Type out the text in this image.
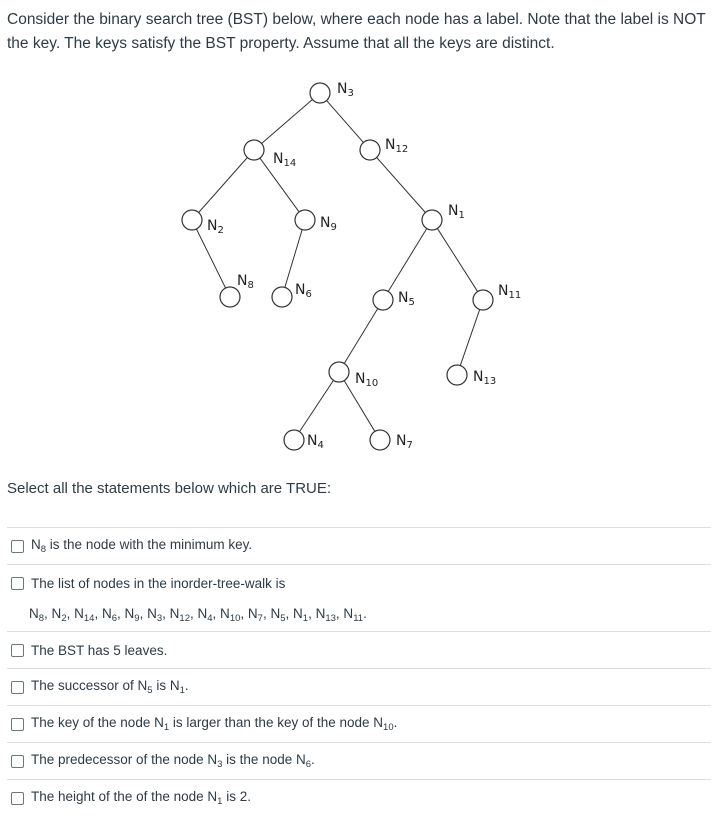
Consider the binary search tree (BST) below, where each node has a label. Note that the label is NOT the key. The keys satisfy the BST property. Assume that all the keys are distinct.

$N_3$
$N_{14}$
$N_{12}$
$N_2$	$N_9$
$N_1$
$N_8$	$N_6$	$N_5$
$N_{11}$
$N_{10}$	$N_{13}$
$N_4$	$N_7$

Select all the statements below which are TRUE:

$N_8$ is the node with the minimum key.
The list of nodes in the inorder-tree-walk is
$N_8$, $N_2$, $N_{14}$, $N_6$, $N_9$, $N_3$, $N_{12}$, $N_4$, $N_{10}$, $N_7$, $N_5$, $N_1$, $N_{13}$, $N_{11}$.
The BST has 5 leaves.
The successor of $N_5$ is $N_1$.
The key of the node $N_1$ is larger than the key of the node $N_{10}$.
The predecessor of the node $N_3$ is the node $N_6$.
The height of the of the node $N_1$ is 2.
